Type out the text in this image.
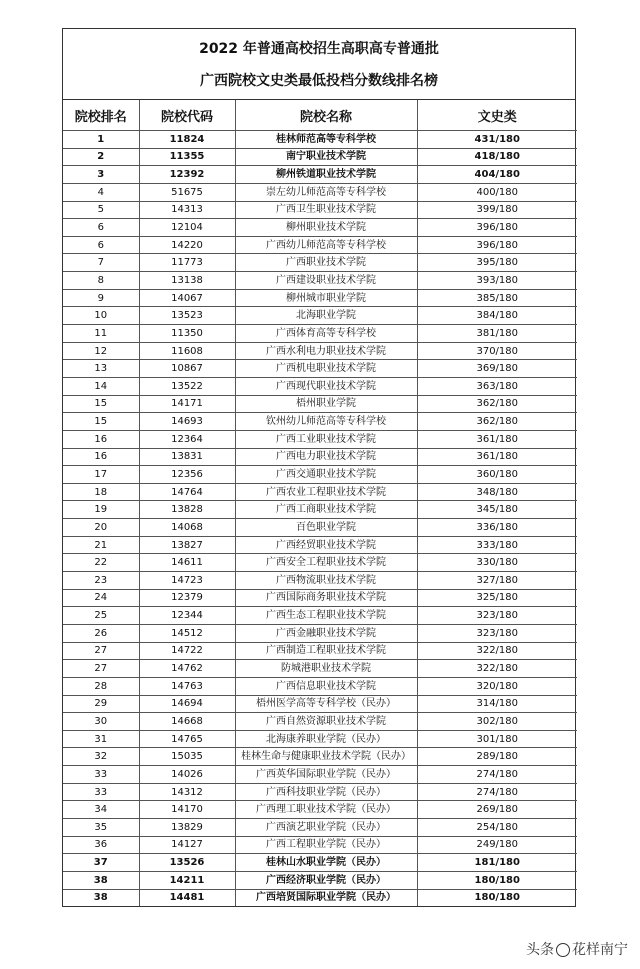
2022 年普通高校招生高职高专普通批
广西院校文史类最低投档分数线排名榜
院校排名	院校代码	院校名称	文史类
1	11824	桂林师范高等专科学校	431/180
2	11355	南宁职业技术学院	418/180
3	12392	柳州铁道职业技术学院	404/180
4	51675	崇左幼儿师范高等专科学校	400/180
5	14313	广西卫生职业技术学院	399/180
6	12104	柳州职业技术学院	396/180
6	14220	广西幼儿师范高等专科学校	396/180
7	11773	广西职业技术学院	395/180
8	13138	广西建设职业技术学院	393/180
9	14067	柳州城市职业学院	385/180
10	13523	北海职业学院	384/180
11	11350	广西体育高等专科学校	381/180
12	11608	广西水利电力职业技术学院	370/180
13	10867	广西机电职业技术学院	369/180
14	13522	广西现代职业技术学院	363/180
15	14171	梧州职业学院	362/180
15	14693	钦州幼儿师范高等专科学校	362/180
16	12364	广西工业职业技术学院	361/180
16	13831	广西电力职业技术学院	361/180
17	12356	广西交通职业技术学院	360/180
18	14764	广西农业工程职业技术学院	348/180
19	13828	广西工商职业技术学院	345/180
20	14068	百色职业学院	336/180
21	13827	广西经贸职业技术学院	333/180
22	14611	广西安全工程职业技术学院	330/180
23	14723	广西物流职业技术学院	327/180
24	12379	广西国际商务职业技术学院	325/180
25	12344	广西生态工程职业技术学院	323/180
26	14512	广西金融职业技术学院	323/180
27	14722	广西制造工程职业技术学院	322/180
27	14762	防城港职业技术学院	322/180
28	14763	广西信息职业技术学院	320/180
29	14694	梧州医学高等专科学校（民办）	314/180
30	14668	广西自然资源职业技术学院	302/180
31	14765	北海康养职业学院（民办）	301/180
32	15035	桂林生命与健康职业技术学院（民办）	289/180
33	14026	广西英华国际职业学院（民办）	274/180
33	14312	广西科技职业学院（民办）	274/180
34	14170	广西理工职业技术学院（民办）	269/180
35	13829	广西演艺职业学院（民办）	254/180
36	14127	广西工程职业学院（民办）	249/180
37	13526	桂林山水职业学院（民办）	181/180
38	14211	广西经济职业学院（民办）	180/180
38	14481	广西培贤国际职业学院（民办）	180/180
头条 花样南宁
